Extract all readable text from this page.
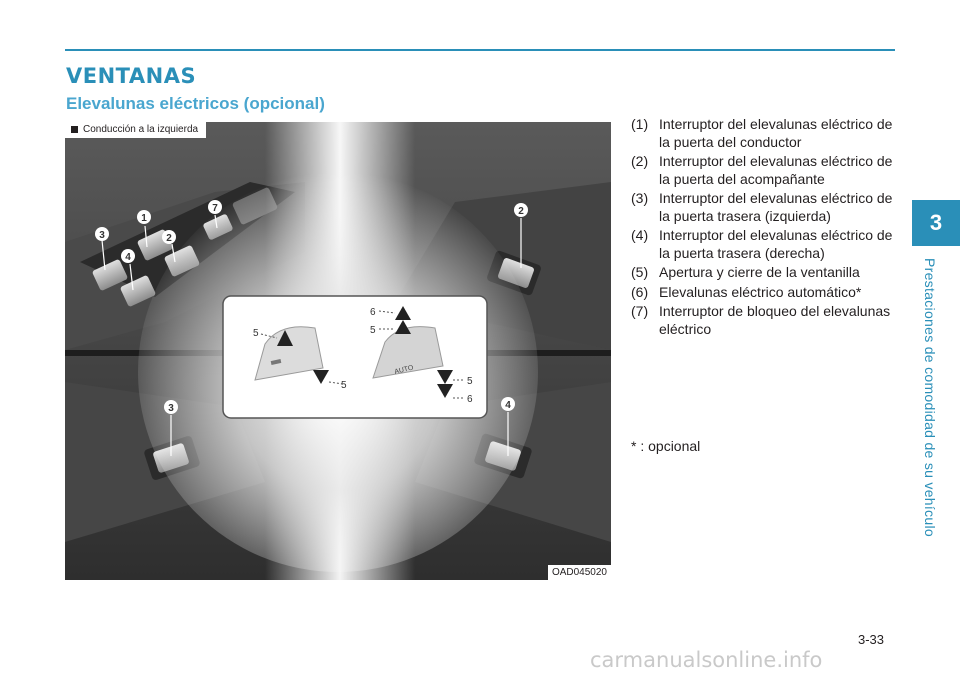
VENTANAS
Elevalunas eléctricos (opcional)
3
Prestaciones de comodidad de su vehículo
1
3
4
2
7	2
3	4
5
5
AUTO
6
5
5
6
Conducción a la izquierda
OAD045020
(1) Interruptor del elevalunas eléctrico de la puerta del conductor
(2) Interruptor del elevalunas eléctrico de la puerta del acompañante
(3) Interruptor del elevalunas eléctrico de la puerta trasera (izquierda)
(4) Interruptor del elevalunas eléctrico de la puerta trasera (derecha)
(5) Apertura y cierre de la ventanilla
(6) Elevalunas eléctrico automático*
(7) Interruptor de bloqueo del elevalunas eléctrico
* : opcional
3-33
carmanualsonline.info
